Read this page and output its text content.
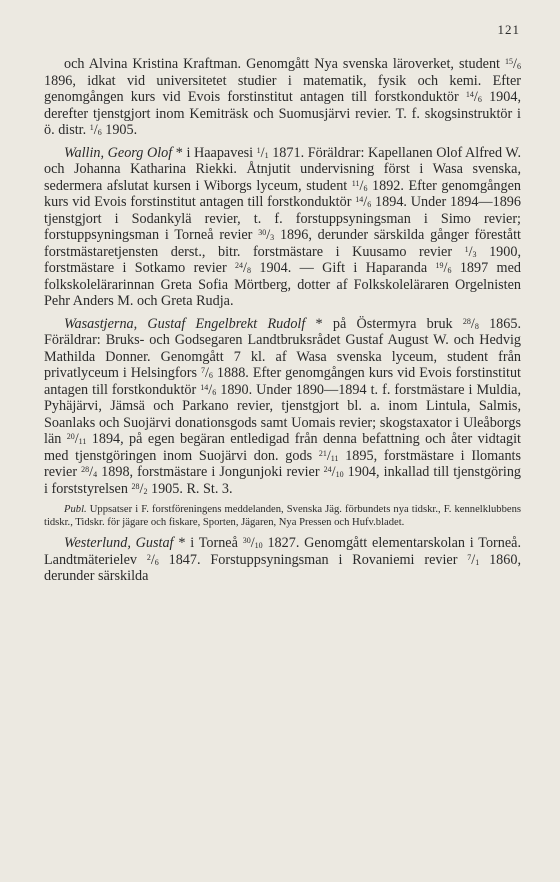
121

och Alvina Kristina Kraftman. Genomgått Nya svenska läroverket, student $^{15}/_6$ 1896, idkat vid universitetet studier i matematik, fysik och kemi. Efter genomgången kurs vid Evois forstinstitut antagen till forstkonduktör $^{14}/_6$ 1904, derefter tjenstgjort inom Kemiträsk och Suomusjärvi revier. T. f. skogsinstruktör i ö. distr. $^1/_6$ 1905.

Wallin, Georg Olof * i Haapavesi $^1/_1$ 1871. Föräldrar: Kapellanen Olof Alfred W. och Johanna Katharina Riekki. Åtnjutit undervisning först i Wasa svenska, sedermera afslutat kursen i Wiborgs lyceum, student $^{11}/_6$ 1892. Efter genomgången kurs vid Evois forstinstitut antagen till forstkonduktör $^{14}/_6$ 1894. Under 1894—1896 tjenstgjort i Sodankylä revier, t. f. forstuppsyningsman i Simo revier; forstuppsyningsman i Torneå revier $^{30}/_3$ 1896, derunder särskilda gånger förestått forstmästaretjensten derst., bitr. forstmästare i Kuusamo revier $^1/_3$ 1900, forstmästare i Sotkamo revier $^{24}/_8$ 1904. — Gift i Haparanda $^{19}/_6$ 1897 med folkskolelärarinnan Greta Sofia Mörtberg, dotter af Folkskoleläraren Orgelnisten Pehr Anders M. och Greta Rudja.

Wasastjerna, Gustaf Engelbrekt Rudolf * på Östermyra bruk $^{28}/_8$ 1865. Föräldrar: Bruks- och Godsegaren Landtbruksrådet Gustaf August W. och Hedvig Mathilda Donner. Genomgått 7 kl. af Wasa svenska lyceum, student från privatlyceum i Helsingfors $^7/_6$ 1888. Efter genomgången kurs vid Evois forstinstitut antagen till forstkonduktör $^{14}/_6$ 1890. Under 1890—1894 t. f. forstmästare i Muldia, Pyhäjärvi, Jämsä och Parkano revier, tjenstgjort bl. a. inom Lintula, Salmis, Soanlaks och Suojärvi donationsgods samt Uomais revier; skogstaxator i Uleåborgs län $^{20}/_{11}$ 1894, på egen begäran entledigad från denna befattning och åter vidtagit med tjenstgöringen inom Suojärvi don. gods $^{21}/_{11}$ 1895, forstmästare i Ilomants revier $^{28}/_4$ 1898, forstmästare i Jongunjoki revier $^{24}/_{10}$ 1904, inkallad till tjenstgöring i forststyrelsen $^{28}/_2$ 1905. R. St. 3.

Publ. Uppsatser i F. forstföreningens meddelanden, Svenska Jäg. förbundets nya tidskr., F. kennelklubbens tidskr., Tidskr. för jägare och fiskare, Sporten, Jägaren, Nya Pressen och Hufv.bladet.

Westerlund, Gustaf * i Torneå $^{30}/_{10}$ 1827. Genomgått elementarskolan i Torneå. Landtmäterielev $^2/_6$ 1847. Forstuppsyningsman i Rovaniemi revier $^7/_1$ 1860, derunder särskilda
